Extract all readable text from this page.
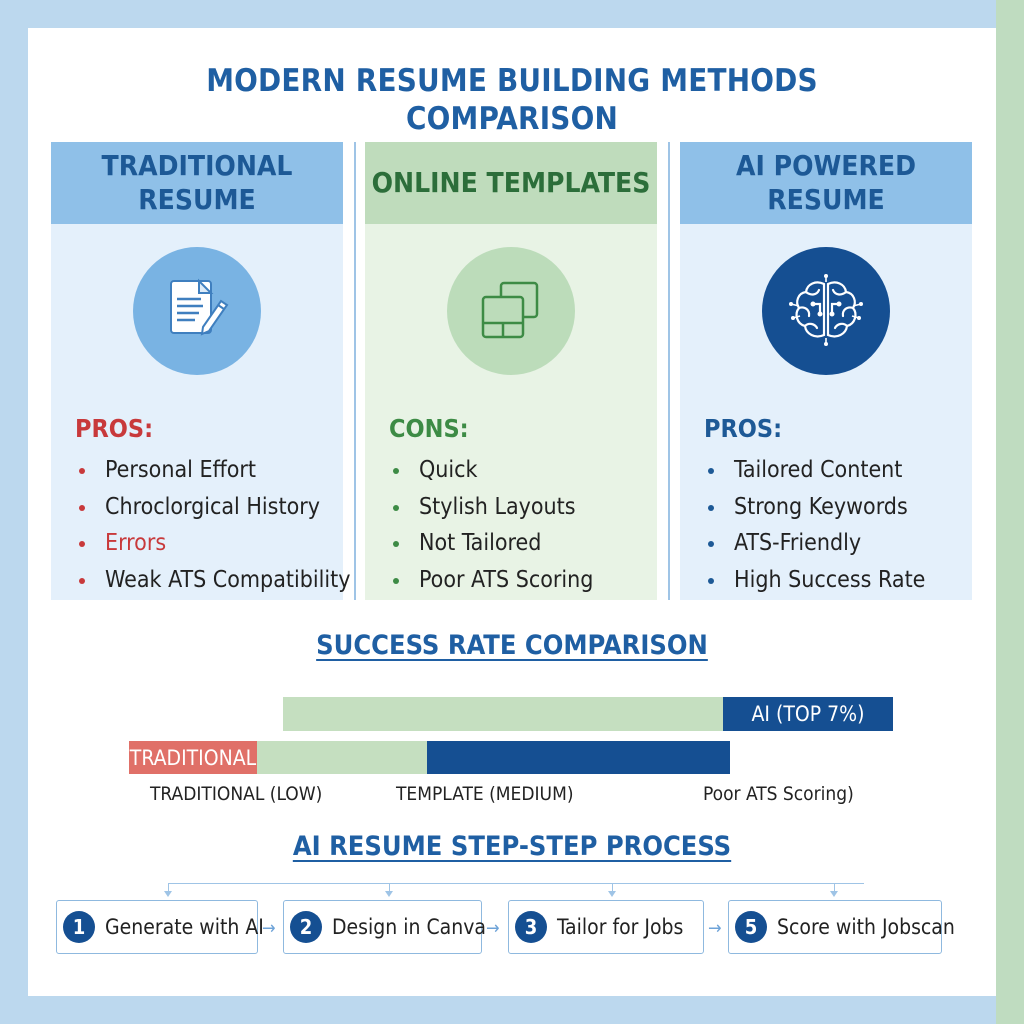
MODERN RESUME BUILDING METHODS
COMPARISON
TRADITIONAL
RESUME
PROS:
Personal Effort
Chroclorgical History
Errors
Weak ATS Compatibility
ONLINE TEMPLATES
CONS:
Quick
Stylish Layouts
Not Tailored
Poor ATS Scoring
AI POWERED
RESUME
PROS:
Tailored Content
Strong Keywords
ATS-Friendly
High Success Rate
SUCCESS RATE COMPARISON
AI (TOP 7%)
TRADITIONAL
TRADITIONAL (LOW)	TEMPLATE (MEDIUM)	Poor ATS Scoring)
AI RESUME STEP-STEP PROCESS
1 Generate with AI
→	2 Design in Canva →	3 Tailor for Jobs →	5 Score with Jobscan
